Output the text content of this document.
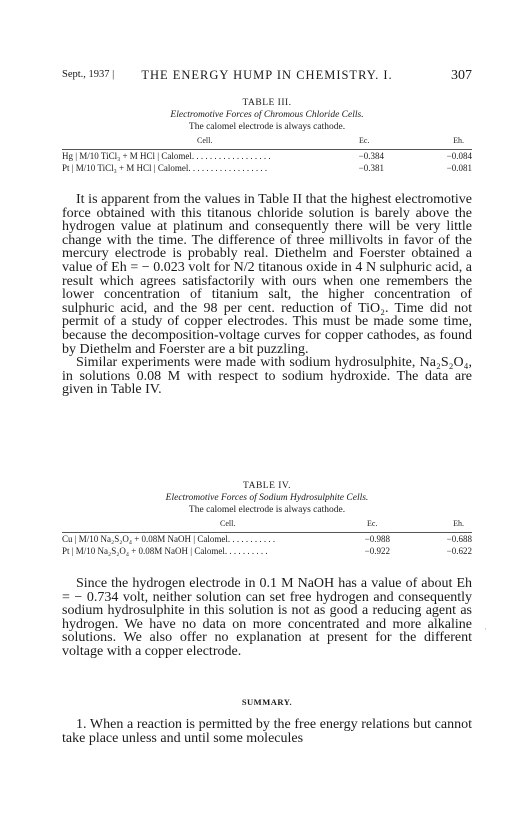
Sept., 1937 |	THE ENERGY HUMP IN CHEMISTRY. I.	307
TABLE III.
Electromotive Forces of Chromous Chloride Cells.
The calomel electrode is always cathode.
Cell.	Ec.	Eh.
Hg | M/10 TiCl₃ + M HCl | Calomel. . . . . . . . . . . . . . . . . .	−0.384	−0.084
Pt | M/10 TiCl₃ + M HCl | Calomel. . . . . . . . . . . . . . . . . .	−0.381	−0.081

It is apparent from the values in Table II that the highest electromotive force obtained with this titanous chloride solution is barely above the hydrogen value at platinum and consequently there will be very little change with the time. The difference of three millivolts in favor of the mercury electrode is probably real. Diethelm and Foerster obtained a value of Eh = − 0.023 volt for N/2 titanous oxide in 4 N sulphuric acid, a result which agrees satisfactorily with ours when one remembers the lower concentration of titanium salt, the higher concentration of sulphuric acid, and the 98 per cent. reduction of TiO₂. Time did not permit of a study of copper electrodes. This must be made some time, because the decomposition-voltage curves for copper cathodes, as found by Diethelm and Foerster are a bit puzzling.

Similar experiments were made with sodium hydrosulphite, Na₂S₂O₄, in solutions 0.08 M with respect to sodium hydroxide. The data are given in Table IV.

TABLE IV.
Electromotive Forces of Sodium Hydrosulphite Cells.
The calomel electrode is always cathode.
Cell.	Ec.	Eh.
Cu | M/10 Na₂S₂O₄ + 0.08M NaOH | Calomel. . . . . . . . . . .	−0.988	−0.688
Pt | M/10 Na₂S₂O₄ + 0.08M NaOH | Calomel. . . . . . . . . .	−0.922	−0.622

Since the hydrogen electrode in 0.1 M NaOH has a value of about Eh = − 0.734 volt, neither solution can set free hydrogen and consequently sodium hydrosulphite in this solution is not as good a reducing agent as hydrogen. We have no data on more concentrated and more alkaline solutions. We also offer no explanation at present for the different voltage with a copper electrode.

SUMMARY.

1. When a reaction is permitted by the free energy relations but cannot take place unless and until some molecules

·
